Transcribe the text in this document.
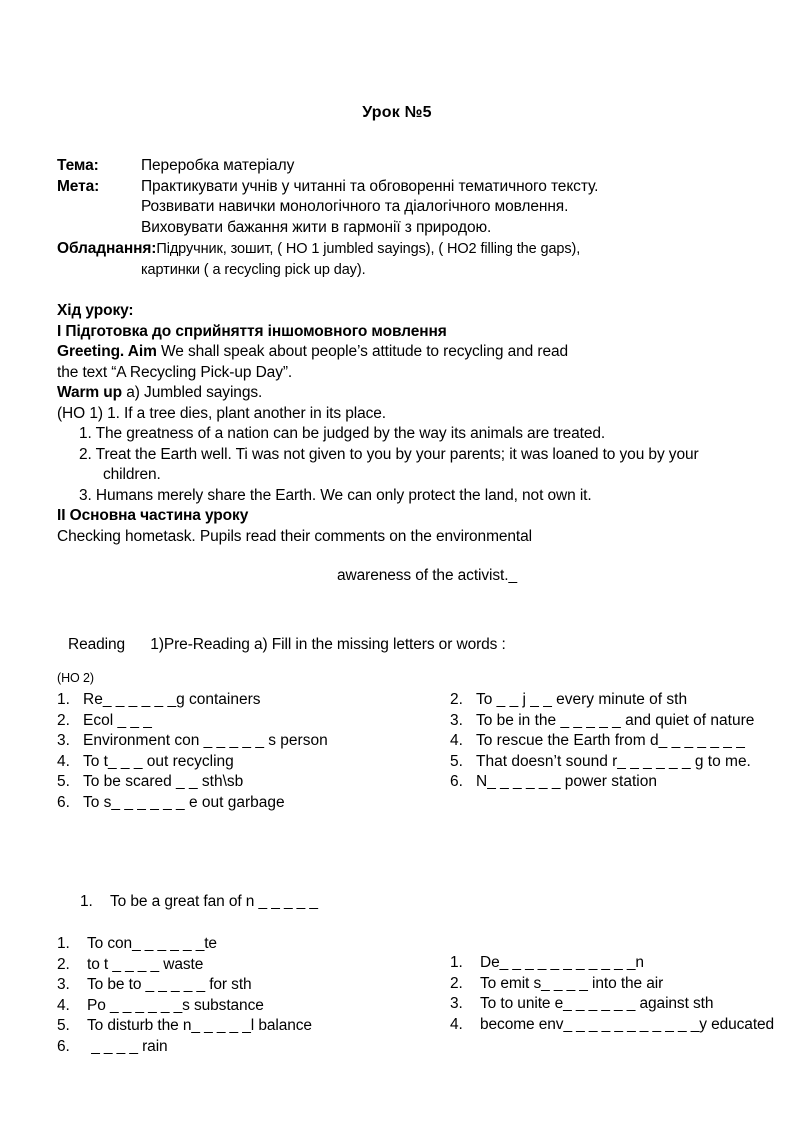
Урок №5
Тема:	Переробка матеріалу
Мета:	Практикувати учнів у читанні та обговоренні тематичного тексту.
Розвивати навички монологічного та діалогічного мовлення.
Виховувати бажання жити в гармонії з природою.
Обладнання:Підручник, зошит, ( HO 1 jumbled sayings), ( HO2 filling the gaps),
картинки ( a recycling pick up day).
Хід уроку:
I Підготовка до сприйняття іншомовного мовлення
Greeting. Aim We shall speak about people’s attitude to recycling and read
the text “A Recycling Pick-up Day”.
Warm up a) Jumbled sayings.
(HO 1) 1. If a tree dies, plant another in its place.
1. The greatness of a nation can be judged by the way its animals are treated.
2. Treat the Earth well. Ti was not given to you by your parents; it was loaned to you by your children.
3. Humans merely share the Earth. We can only protect the land, not own it.
II Основна частина уроку
Checking hometask. Pupils read their comments on the environmental
awareness of the activist._
Reading 1)Pre-Reading a) Fill in the missing letters or words :
(HO 2)
1. Re_ _ _ _ _ _g containers
2. Ecol _ _ _
3. Environment con _ _ _ _ _ s person
4. To t_ _ _ out recycling
5. To be scared _ _ sth\sb
6. To s_ _ _ _ _ _ e out garbage
2. To _ _ j _ _ every minute of sth
3. To be in the _ _ _ _ _ and quiet of nature
4. To rescue the Earth from d_ _ _ _ _ _ _
5. That doesn’t sound r_ _ _ _ _ _ g to me.
6. N_ _ _ _ _ _ power station
1. To be a great fan of n _ _ _ _ _
1. To con_ _ _ _ _ _te
2. to t _ _ _ _ waste
3. To be to _ _ _ _ _ for sth
4. Po _ _ _ _ _ _s substance
5. To disturb the n_ _ _ _ _l balance
6. _ _ _ _ rain
1. De_ _ _ _ _ _ _ _ _ _ _n
2. To emit s_ _ _ _ into the air
3. To to unite e_ _ _ _ _ _ against sth
4. become env_ _ _ _ _ _ _ _ _ _ _y educated
